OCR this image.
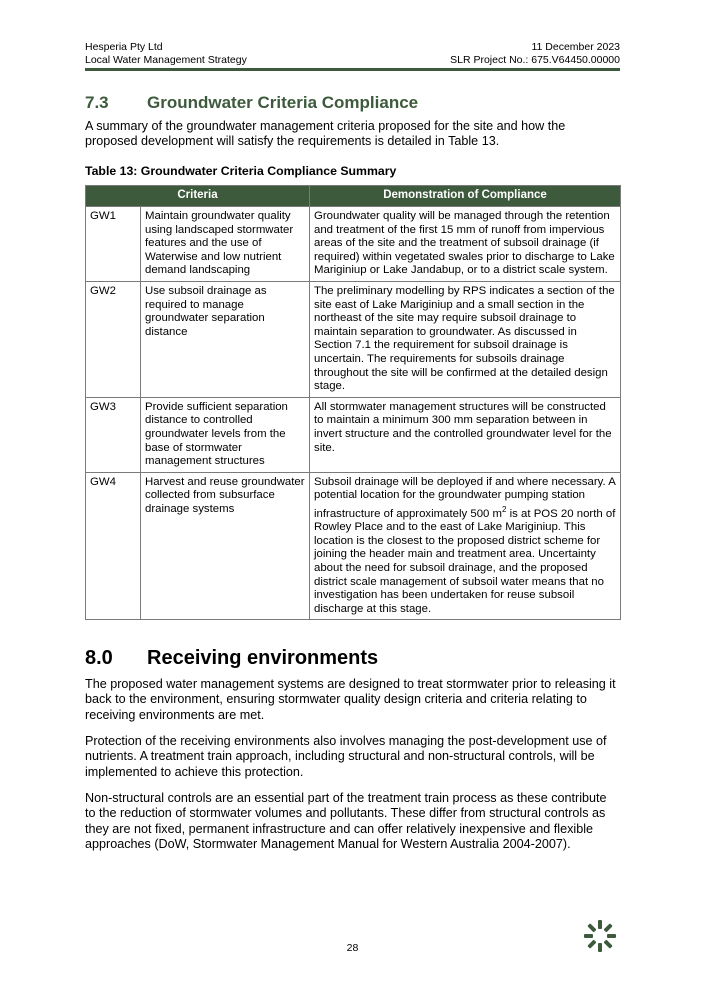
Hesperia Pty Ltd
Local Water Management Strategy
11 December 2023
SLR Project No.: 675.V64450.00000
7.3 Groundwater Criteria Compliance
A summary of the groundwater management criteria proposed for the site and how the proposed development will satisfy the requirements is detailed in Table 13.
Table 13: Groundwater Criteria Compliance Summary
Criteria		Demonstration of Compliance
GW1	Maintain groundwater quality using landscaped stormwater features and the use of Waterwise and low nutrient demand landscaping	Groundwater quality will be managed through the retention and treatment of the first 15 mm of runoff from impervious areas of the site and the treatment of subsoil drainage (if required) within vegetated swales prior to discharge to Lake Mariginiup or Lake Jandabup, or to a district scale system.
GW2	Use subsoil drainage as required to manage groundwater separation distance	The preliminary modelling by RPS indicates a section of the site east of Lake Mariginiup and a small section in the northeast of the site may require subsoil drainage to maintain separation to groundwater. As discussed in Section 7.1 the requirement for subsoil drainage is uncertain. The requirements for subsoils drainage throughout the site will be confirmed at the detailed design stage.
GW3	Provide sufficient separation distance to controlled groundwater levels from the base of stormwater management structures	All stormwater management structures will be constructed to maintain a minimum 300 mm separation between in invert structure and the controlled groundwater level for the site.
GW4	Harvest and reuse groundwater collected from subsurface drainage systems	Subsoil drainage will be deployed if and where necessary. A potential location for the groundwater pumping station infrastructure of approximately 500 $m^2$ is at POS 20 north of Rowley Place and to the east of Lake Mariginiup. This location is the closest to the proposed district scheme for joining the header main and treatment area. Uncertainty about the need for subsoil drainage, and the proposed district scale management of subsoil water means that no investigation has been undertaken for reuse subsoil discharge at this stage.
8.0 Receiving environments
The proposed water management systems are designed to treat stormwater prior to releasing it back to the environment, ensuring stormwater quality design criteria and criteria relating to receiving environments are met.
Protection of the receiving environments also involves managing the post-development use of nutrients. A treatment train approach, including structural and non-structural controls, will be implemented to achieve this protection.
Non-structural controls are an essential part of the treatment train process as these contribute to the reduction of stormwater volumes and pollutants. These differ from structural controls as they are not fixed, permanent infrastructure and can offer relatively inexpensive and flexible approaches (DoW, Stormwater Management Manual for Western Australia 2004-2007).
28
